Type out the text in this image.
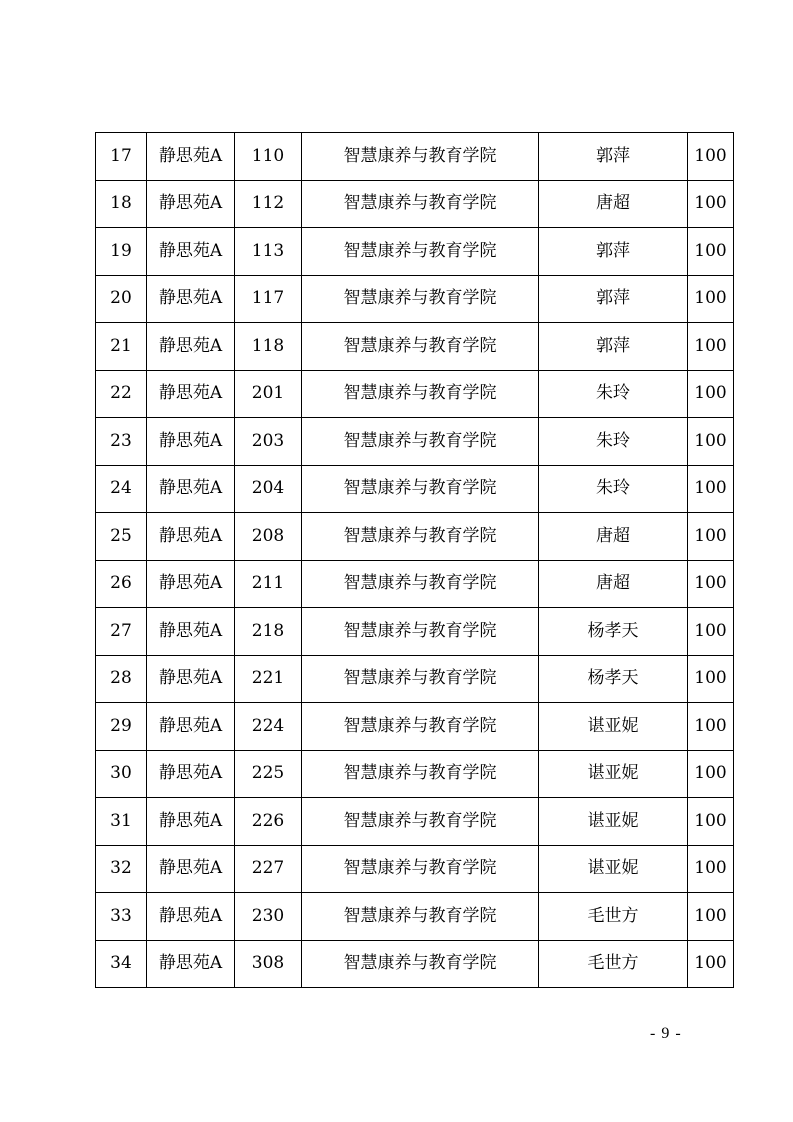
17	静思苑A	110	智慧康养与教育学院	郭萍	100
18	静思苑A	112	智慧康养与教育学院	唐超	100
19	静思苑A	113	智慧康养与教育学院	郭萍	100
20	静思苑A	117	智慧康养与教育学院	郭萍	100
21	静思苑A	118	智慧康养与教育学院	郭萍	100
22	静思苑A	201	智慧康养与教育学院	朱玲	100
23	静思苑A	203	智慧康养与教育学院	朱玲	100
24	静思苑A	204	智慧康养与教育学院	朱玲	100
25	静思苑A	208	智慧康养与教育学院	唐超	100
26	静思苑A	211	智慧康养与教育学院	唐超	100
27	静思苑A	218	智慧康养与教育学院	杨孝天	100
28	静思苑A	221	智慧康养与教育学院	杨孝天	100
29	静思苑A	224	智慧康养与教育学院	谌亚妮	100
30	静思苑A	225	智慧康养与教育学院	谌亚妮	100
31	静思苑A	226	智慧康养与教育学院	谌亚妮	100
32	静思苑A	227	智慧康养与教育学院	谌亚妮	100
33	静思苑A	230	智慧康养与教育学院	毛世方	100
34	静思苑A	308	智慧康养与教育学院	毛世方	100
- 9 -
